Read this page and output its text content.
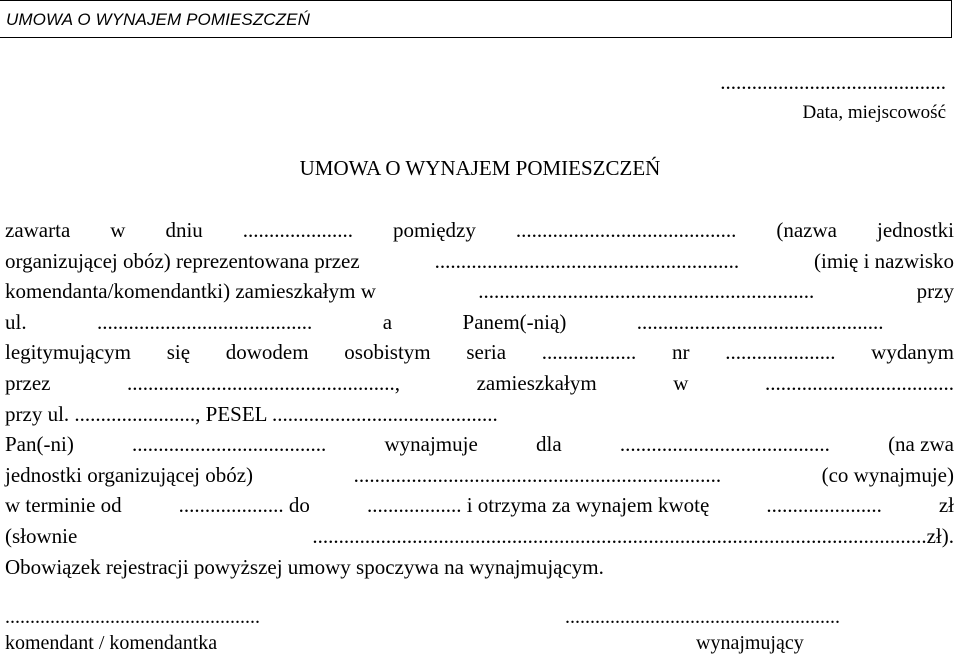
UMOWA O WYNAJEM POMIESZCZEŃ
...........................................
Data, miejscowość
UMOWA O WYNAJEM POMIESZCZEŃ
zawarta w dniu ..................... pomiędzy .......................................... (nazwa jednostki
organizującej obóz) reprezentowana przez	..........................................................	(imię i nazwisko
komendanta/komendantki) zamieszkałym w	................................................................	przy
ul.	.........................................	a	Panem(-nią)	...............................................
legitymującym się dowodem osobistym seria .................. nr ..................... wydanym
przez	...................................................,	zamieszkałym	w	....................................
przy ul. ......................., PESEL ...........................................
Pan(-ni)	.....................................	wynajmuje	dla	........................................	(na zwa
jednostki organizującej obóz)	......................................................................	(co wynajmuje)
w terminie od	.................... do	.................. i otrzyma za wynajem kwotę	......................	zł
(słownie	.....................................................................................................................zł).
Obowiązek rejestracji powyższej umowy spoczywa na wynajmującym.
...................................................
komendant / komendantka
.......................................................
wynajmujący
